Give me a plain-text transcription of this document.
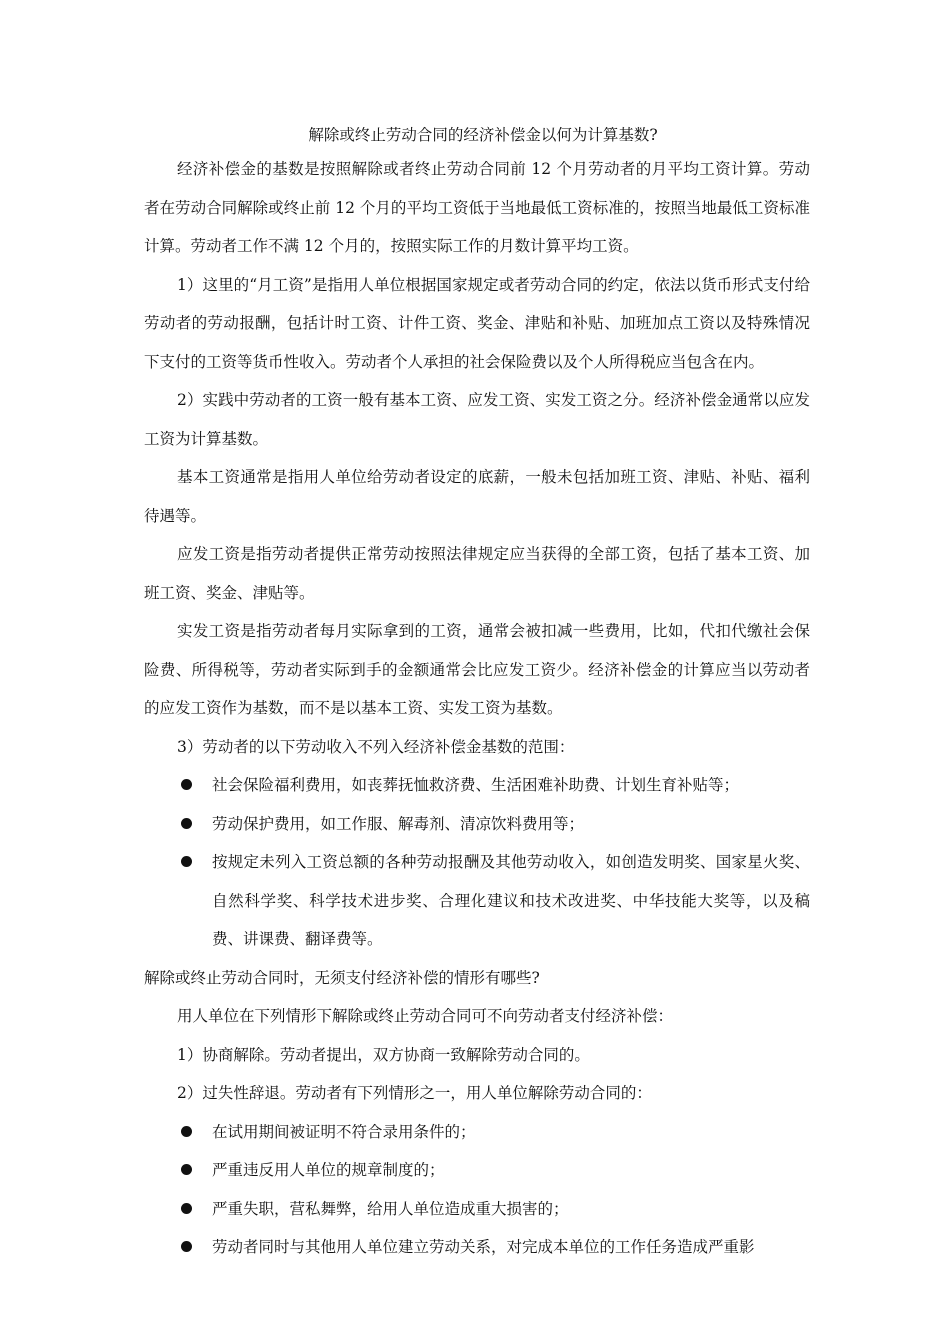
解除或终止劳动合同的经济补偿金以何为计算基数?

经济补偿金的基数是按照解除或者终止劳动合同前 12 个月劳动者的月平均工资计算。劳动者在劳动合同解除或终止前 12 个月的平均工资低于当地最低工资标准的，按照当地最低工资标准计算。劳动者工作不满 12 个月的，按照实际工作的月数计算平均工资。

1）这里的“月工资”是指用人单位根据国家规定或者劳动合同的约定，依法以货币形式支付给劳动者的劳动报酬，包括计时工资、计件工资、奖金、津贴和补贴、加班加点工资以及特殊情况下支付的工资等货币性收入。劳动者个人承担的社会保险费以及个人所得税应当包含在内。

2）实践中劳动者的工资一般有基本工资、应发工资、实发工资之分。经济补偿金通常以应发工资为计算基数。

基本工资通常是指用人单位给劳动者设定的底薪，一般未包括加班工资、津贴、补贴、福利待遇等。

应发工资是指劳动者提供正常劳动按照法律规定应当获得的全部工资，包括了基本工资、加班工资、奖金、津贴等。

实发工资是指劳动者每月实际拿到的工资，通常会被扣减一些费用，比如，代扣代缴社会保险费、所得税等，劳动者实际到手的金额通常会比应发工资少。经济补偿金的计算应当以劳动者的应发工资作为基数，而不是以基本工资、实发工资为基数。

3）劳动者的以下劳动收入不列入经济补偿金基数的范围：

社会保险福利费用，如丧葬抚恤救济费、生活困难补助费、计划生育补贴等；
劳动保护费用，如工作服、解毒剂、清凉饮料费用等；
按规定未列入工资总额的各种劳动报酬及其他劳动收入，如创造发明奖、国家星火奖、自然科学奖、科学技术进步奖、合理化建议和技术改进奖、中华技能大奖等，以及稿费、讲课费、翻译费等。

解除或终止劳动合同时，无须支付经济补偿的情形有哪些?

用人单位在下列情形下解除或终止劳动合同可不向劳动者支付经济补偿：

1）协商解除。劳动者提出，双方协商一致解除劳动合同的。

2）过失性辞退。劳动者有下列情形之一，用人单位解除劳动合同的：

在试用期间被证明不符合录用条件的；
严重违反用人单位的规章制度的；
严重失职，营私舞弊，给用人单位造成重大损害的；
劳动者同时与其他用人单位建立劳动关系，对完成本单位的工作任务造成严重影
